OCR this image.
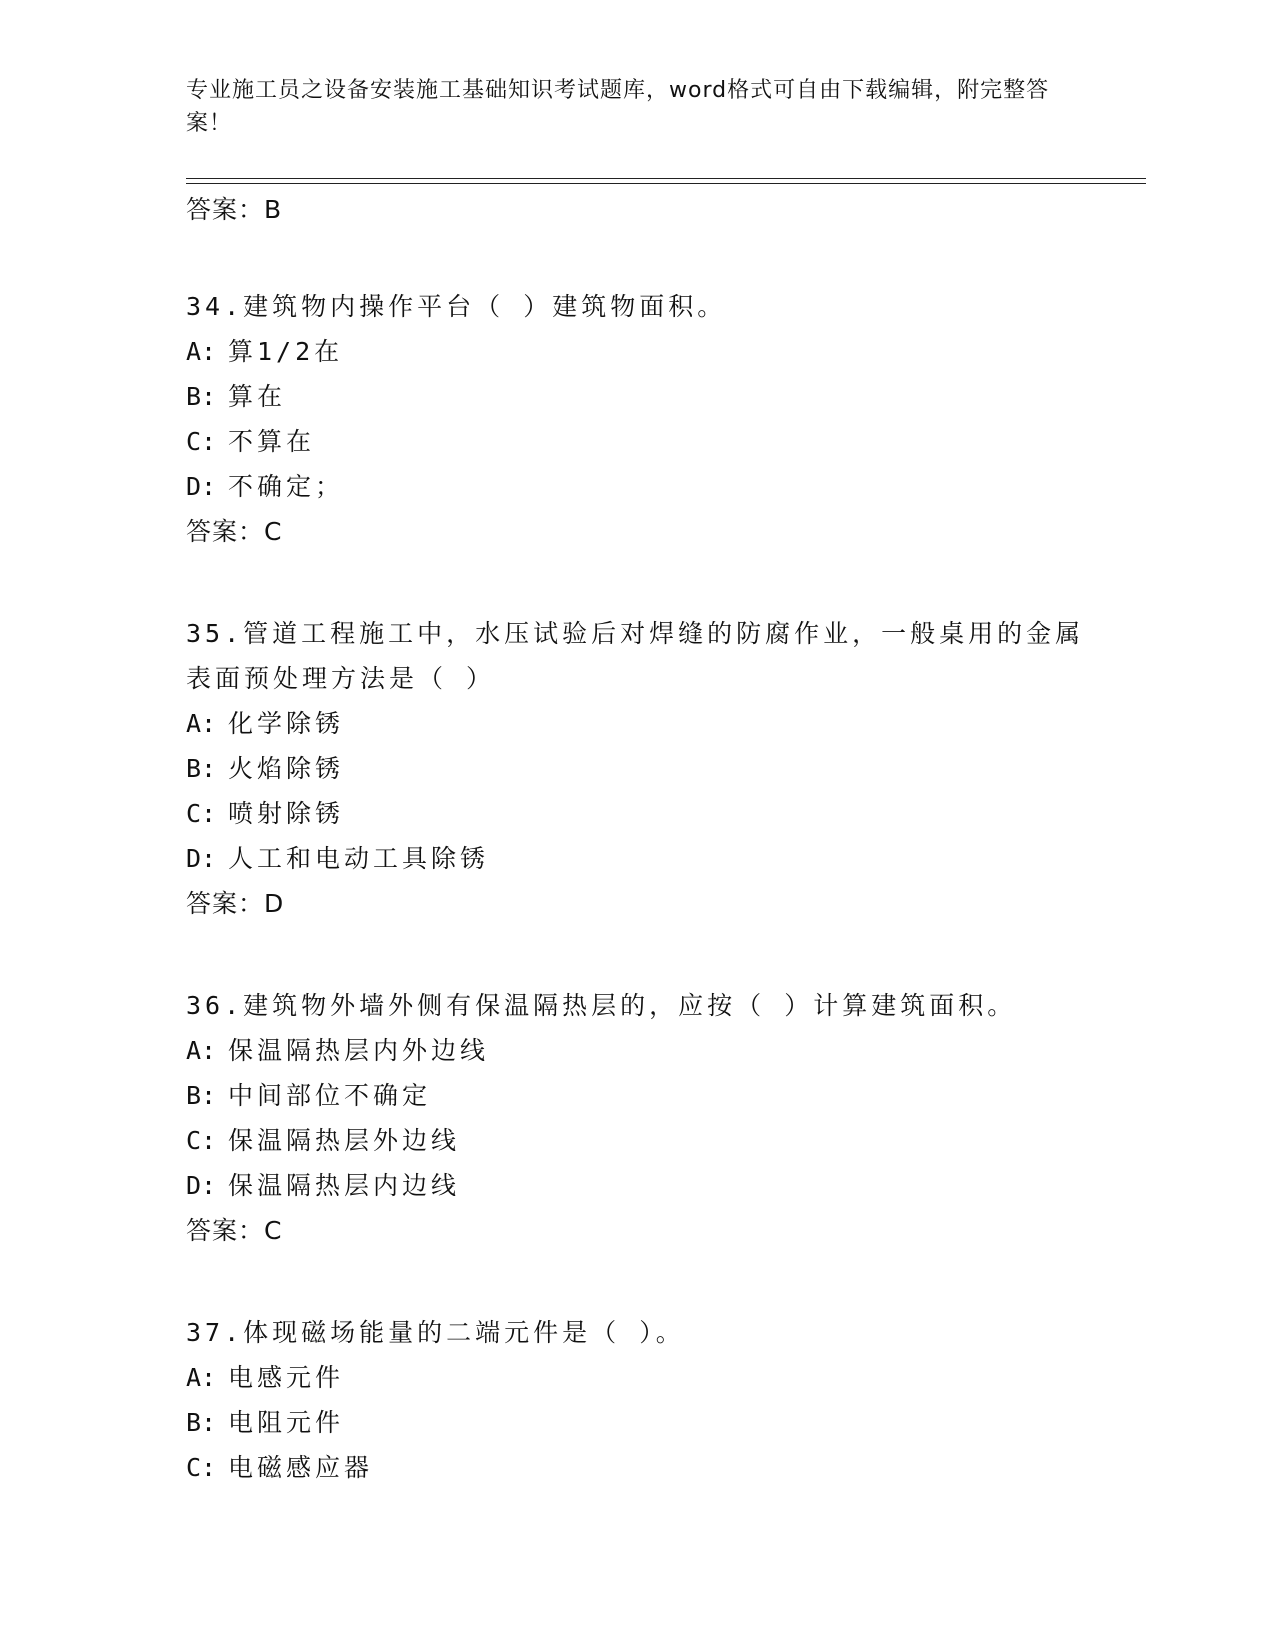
专业施工员之设备安装施工基础知识考试题库，word格式可自由下载编辑，附完整答案！

答案：B

34.建筑物内操作平台（ ）建筑物面积。

A: 算1/2在

B: 算在

C: 不算在

D: 不确定；

答案：C

35.管道工程施工中，水压试验后对焊缝的防腐作业，一般桌用的金属表面预处理方法是（ ）

A: 化学除锈

B: 火焰除锈

C: 喷射除锈

D: 人工和电动工具除锈

答案：D

36.建筑物外墙外侧有保温隔热层的，应按（ ）计算建筑面积。

A: 保温隔热层内外边线

B: 中间部位不确定

C: 保温隔热层外边线

D: 保温隔热层内边线

答案：C

37.体现磁场能量的二端元件是（ ）。

A: 电感元件

B: 电阻元件

C: 电磁感应器
